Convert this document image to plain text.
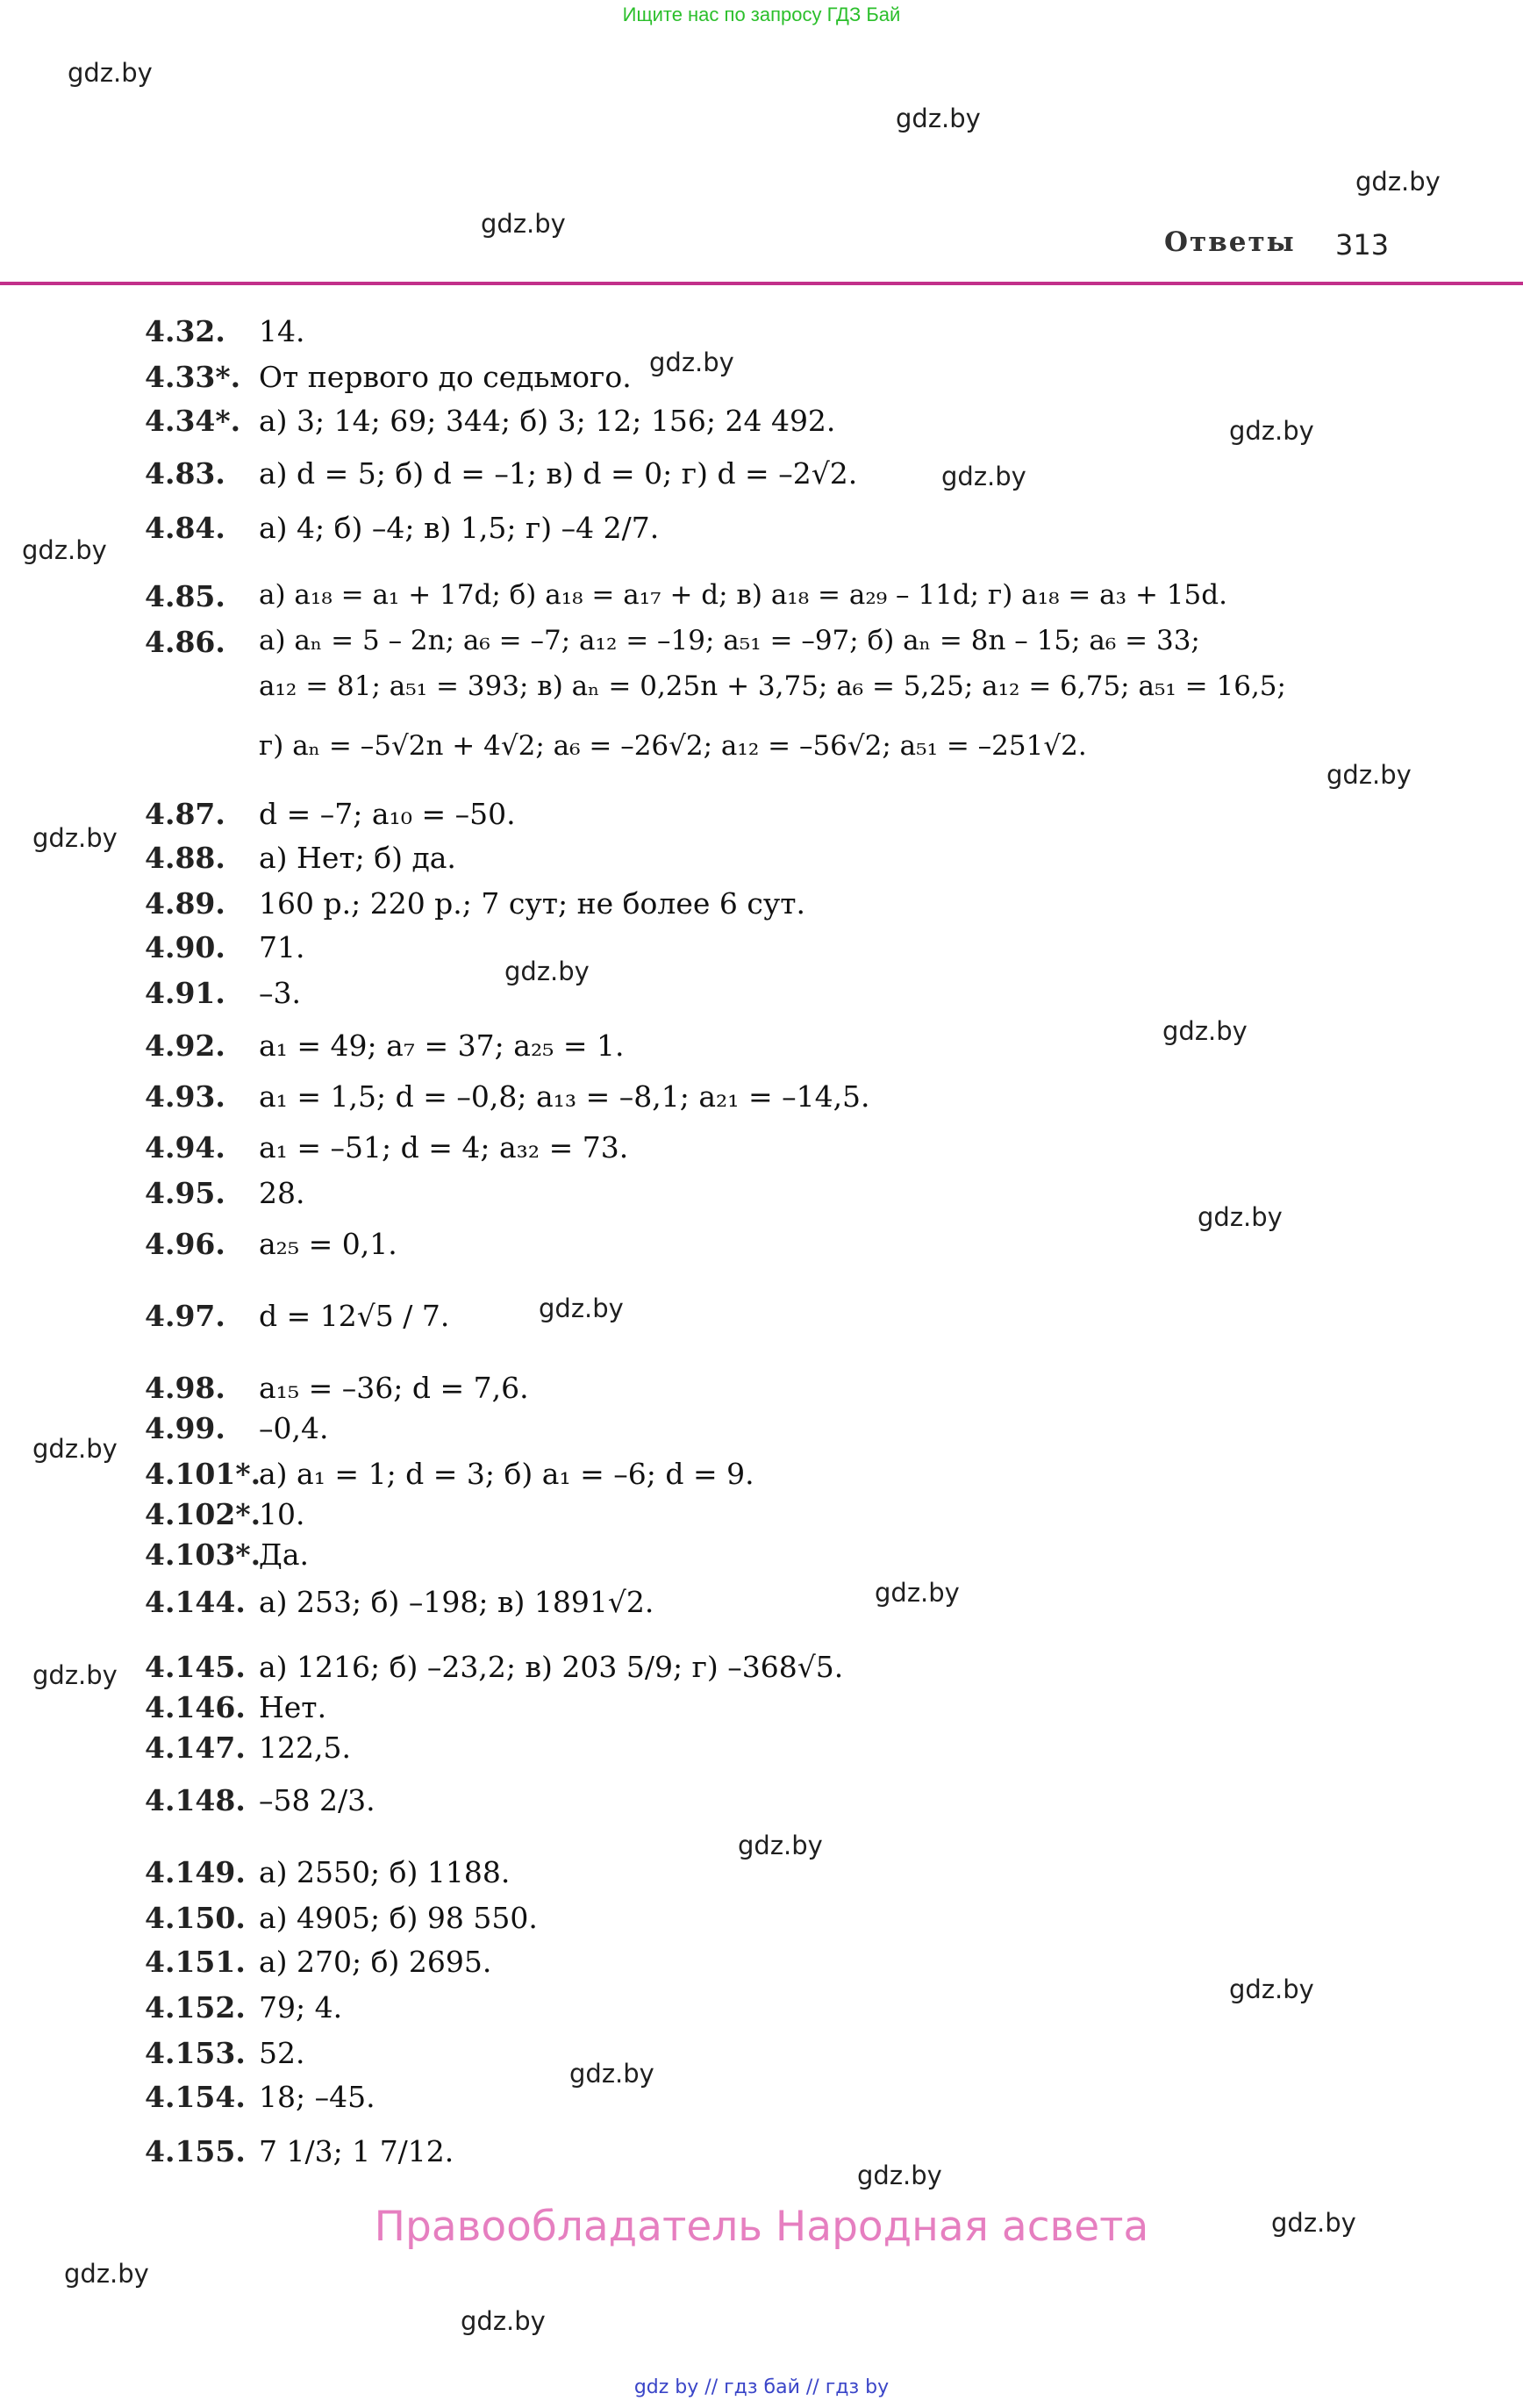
Ищите нас по запросу ГДЗ Бай
gdz.by
gdz.by
gdz.by
gdz.by
gdz.by
gdz.by
gdz.by
gdz.by
gdz.by
gdz.by
gdz.by
gdz.by
gdz.by
gdz.by
gdz.by
gdz.by
gdz.by
gdz.by
gdz.by
gdz.by
gdz.by
gdz.by
gdz.by
gdz.by
Ответы 313
4.32.
4.33*.
4.34*.
4.83.
4.84.
4.85.
4.86.
4.87.
4.88.
4.89.
4.90.
4.91.
4.92.
4.93.
4.94.
4.95.
4.96.
4.97.
4.98.
4.99.
4.101*.
4.102*.
4.103*.
4.144.
4.145.
4.146.
4.147.
4.148.
4.149.
4.150.
4.151.
4.152.
4.153.
4.154.
4.155.
14.
От первого до седьмого.
а) 3; 14; 69; 344; б) 3; 12; 156; 24 492.
а) d = 5; б) d = –1; в) d = 0; г) d = –2√2.
а) 4; б) –4; в) 1,5; г) –4 2/7.
а) a₁₈ = a₁ + 17d; б) a₁₈ = a₁₇ + d; в) a₁₈ = a₂₉ – 11d; г) a₁₈ = a₃ + 15d.
а) aₙ = 5 – 2n; a₆ = –7; a₁₂ = –19; a₅₁ = –97; б) aₙ = 8n – 15; a₆ = 33;
a₁₂ = 81; a₅₁ = 393; в) aₙ = 0,25n + 3,75; a₆ = 5,25; a₁₂ = 6,75; a₅₁ = 16,5;
г) aₙ = –5√2n + 4√2; a₆ = –26√2; a₁₂ = –56√2; a₅₁ = –251√2.
d = –7; a₁₀ = –50.
а) Нет; б) да.
160 р.; 220 р.; 7 сут; не более 6 сут.
71.
–3.
a₁ = 49; a₇ = 37; a₂₅ = 1.
a₁ = 1,5; d = –0,8; a₁₃ = –8,1; a₂₁ = –14,5.
a₁ = –51; d = 4; a₃₂ = 73.
28.
a₂₅ = 0,1.
d = 12√5 / 7.
a₁₅ = –36; d = 7,6.
–0,4.
а) a₁ = 1; d = 3; б) a₁ = –6; d = 9.
10.
Да.
а) 253; б) –198; в) 1891√2.
а) 1216; б) –23,2; в) 203 5/9; г) –368√5.
Нет.
122,5.
–58 2/3.
а) 2550; б) 1188.
а) 4905; б) 98 550.
а) 270; б) 2695.
79; 4.
52.
18; –45.
7 1/3; 1 7/12.
Правообладатель Народная асвета
gdz by // гдз бай // гдз by
